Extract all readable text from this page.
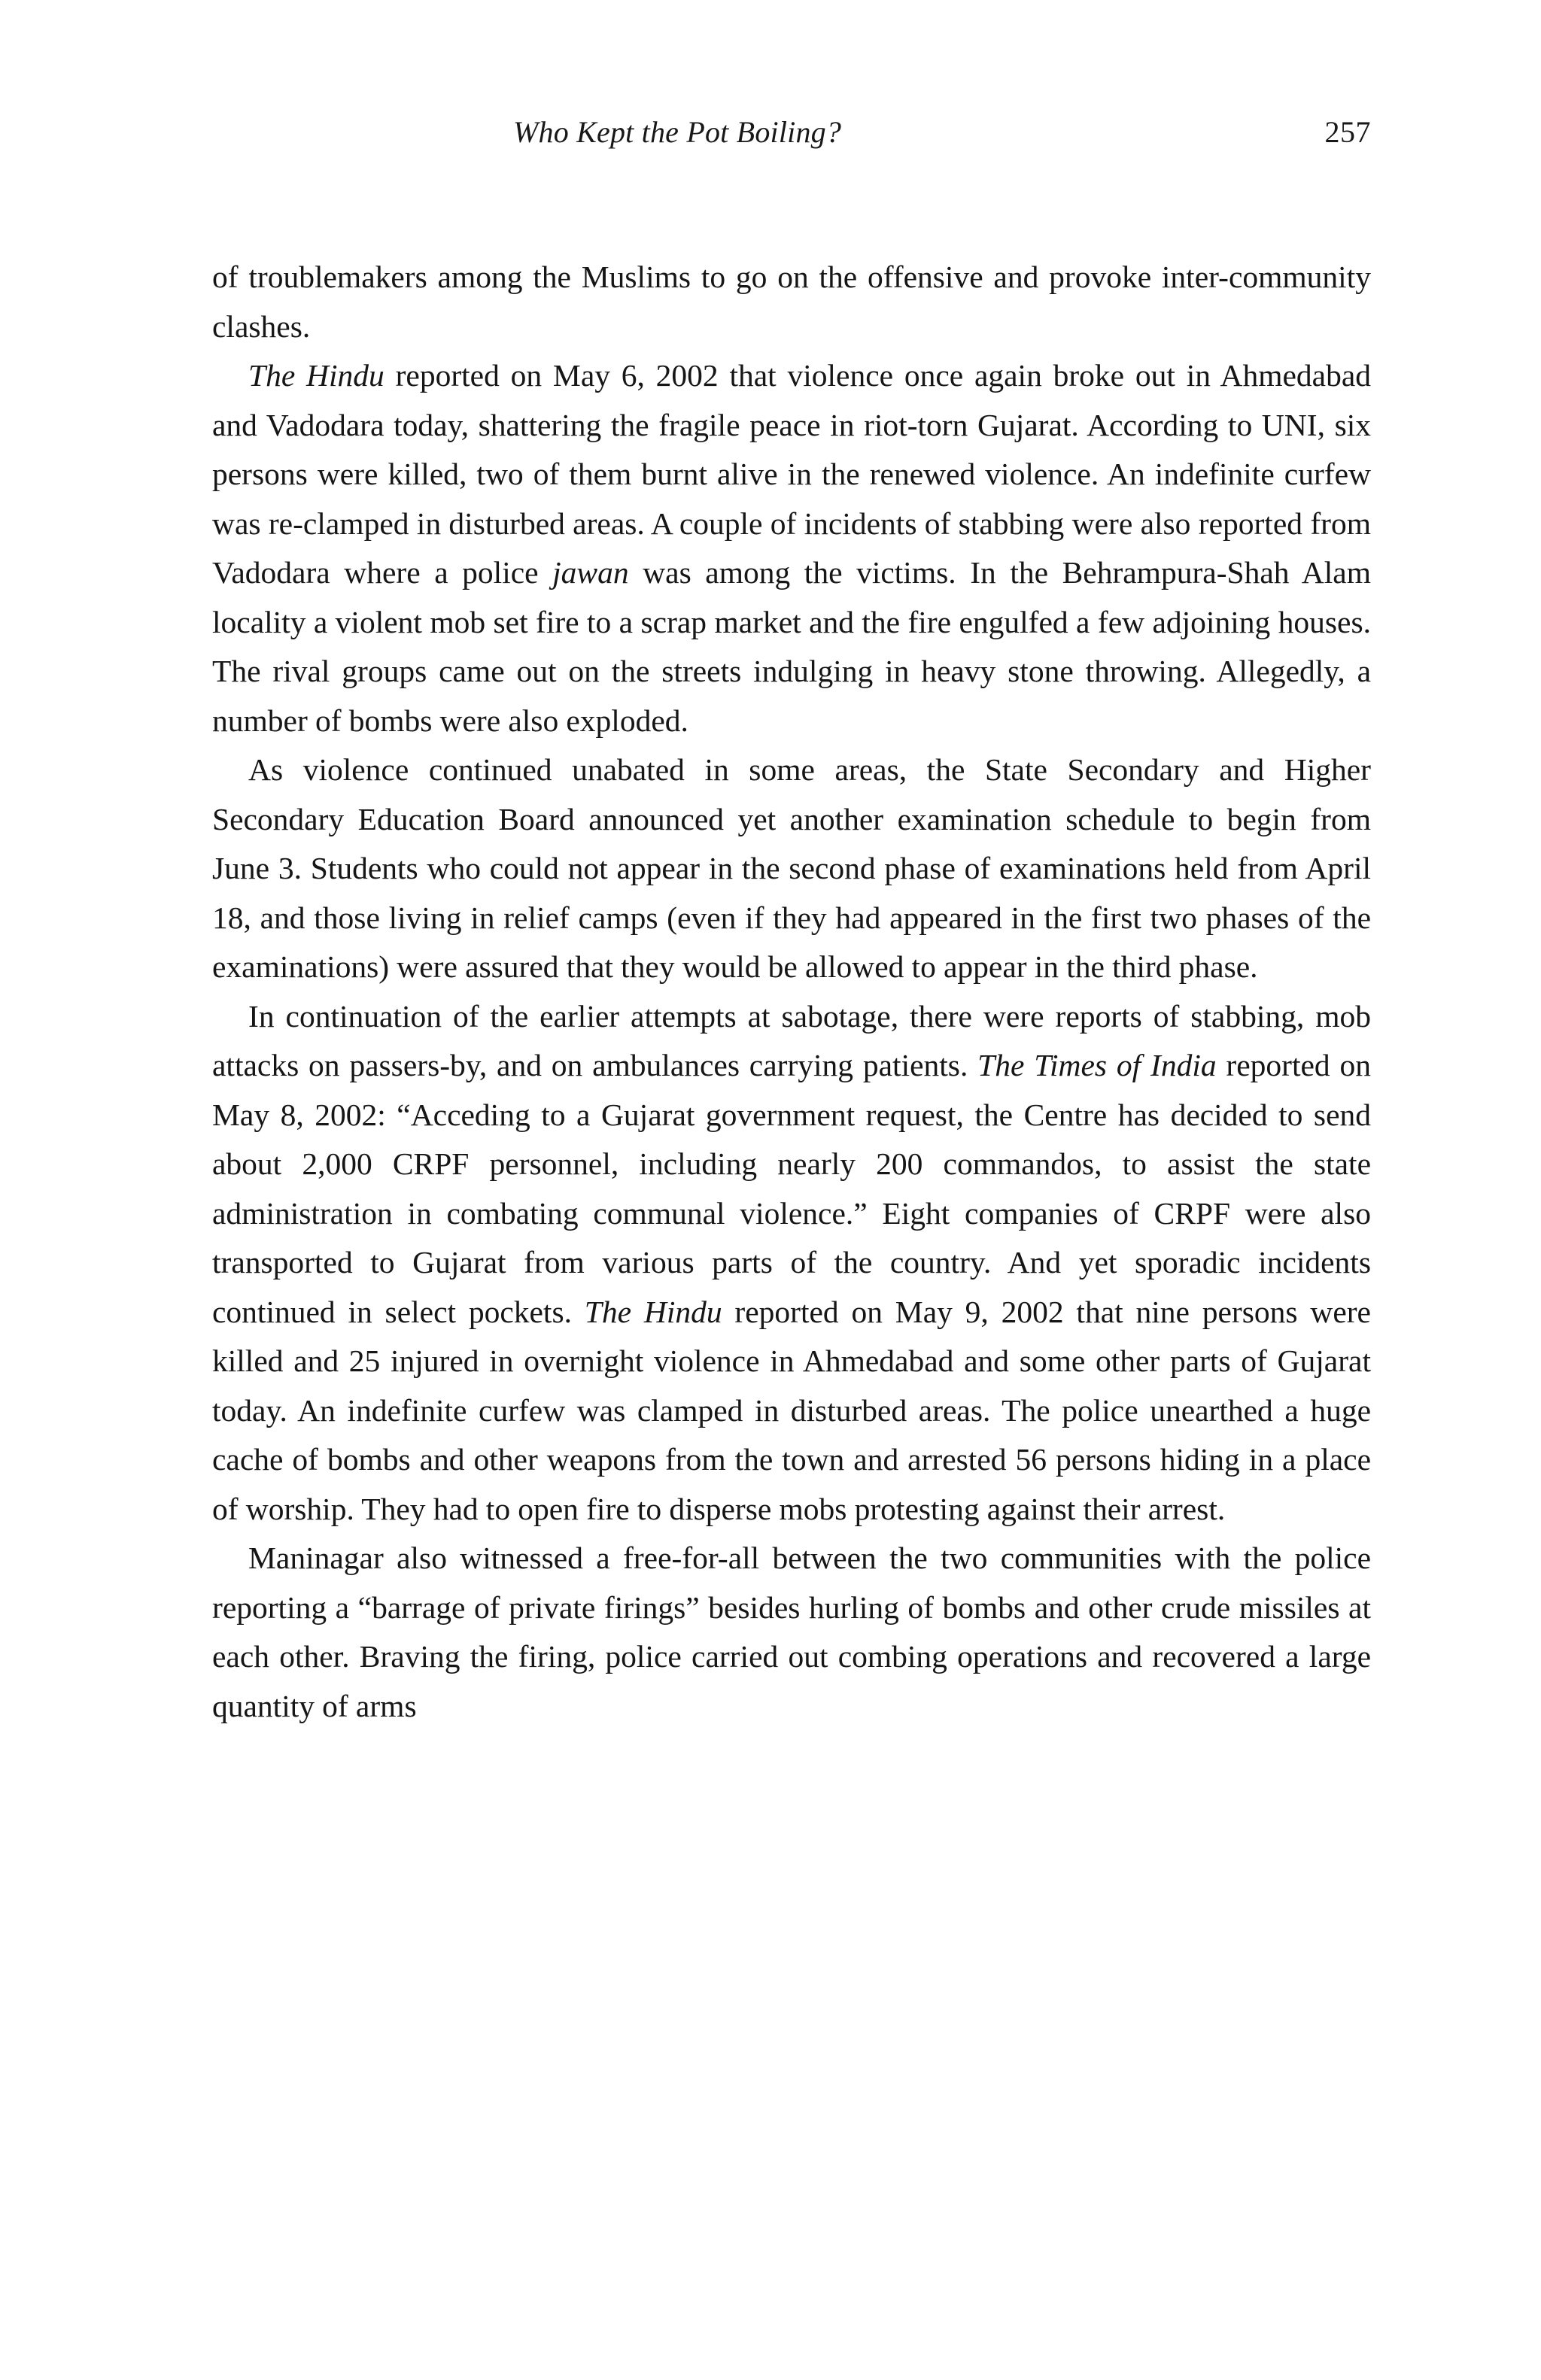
Who Kept the Pot Boiling?	257

of troublemakers among the Muslims to go on the offensive and provoke inter-community clashes.

The Hindu reported on May 6, 2002 that violence once again broke out in Ahmedabad and Vadodara today, shattering the fragile peace in riot-torn Gujarat. According to UNI, six persons were killed, two of them burnt alive in the renewed violence. An indefinite curfew was re-clamped in disturbed areas. A couple of incidents of stabbing were also reported from Vadodara where a police jawan was among the victims. In the Behrampura-Shah Alam locality a violent mob set fire to a scrap market and the fire engulfed a few adjoining houses. The rival groups came out on the streets indulging in heavy stone throwing. Allegedly, a number of bombs were also exploded.

As violence continued unabated in some areas, the State Secondary and Higher Secondary Education Board announced yet another examination schedule to begin from June 3. Students who could not appear in the second phase of examinations held from April 18, and those living in relief camps (even if they had appeared in the first two phases of the examinations) were assured that they would be allowed to appear in the third phase.

In continuation of the earlier attempts at sabotage, there were reports of stabbing, mob attacks on passers-by, and on ambulances carrying patients. The Times of India reported on May 8, 2002: “Acceding to a Gujarat government request, the Centre has decided to send about 2,000 CRPF personnel, including nearly 200 commandos, to assist the state administration in combating communal violence.” Eight companies of CRPF were also transported to Gujarat from various parts of the country. And yet sporadic incidents continued in select pockets. The Hindu reported on May 9, 2002 that nine persons were killed and 25 injured in overnight violence in Ahmedabad and some other parts of Gujarat today. An indefinite curfew was clamped in disturbed areas. The police unearthed a huge cache of bombs and other weapons from the town and arrested 56 persons hiding in a place of worship. They had to open fire to disperse mobs protesting against their arrest.

Maninagar also witnessed a free-for-all between the two communities with the police reporting a “barrage of private firings” besides hurling of bombs and other crude missiles at each other. Braving the firing, police carried out combing operations and recovered a large quantity of arms
